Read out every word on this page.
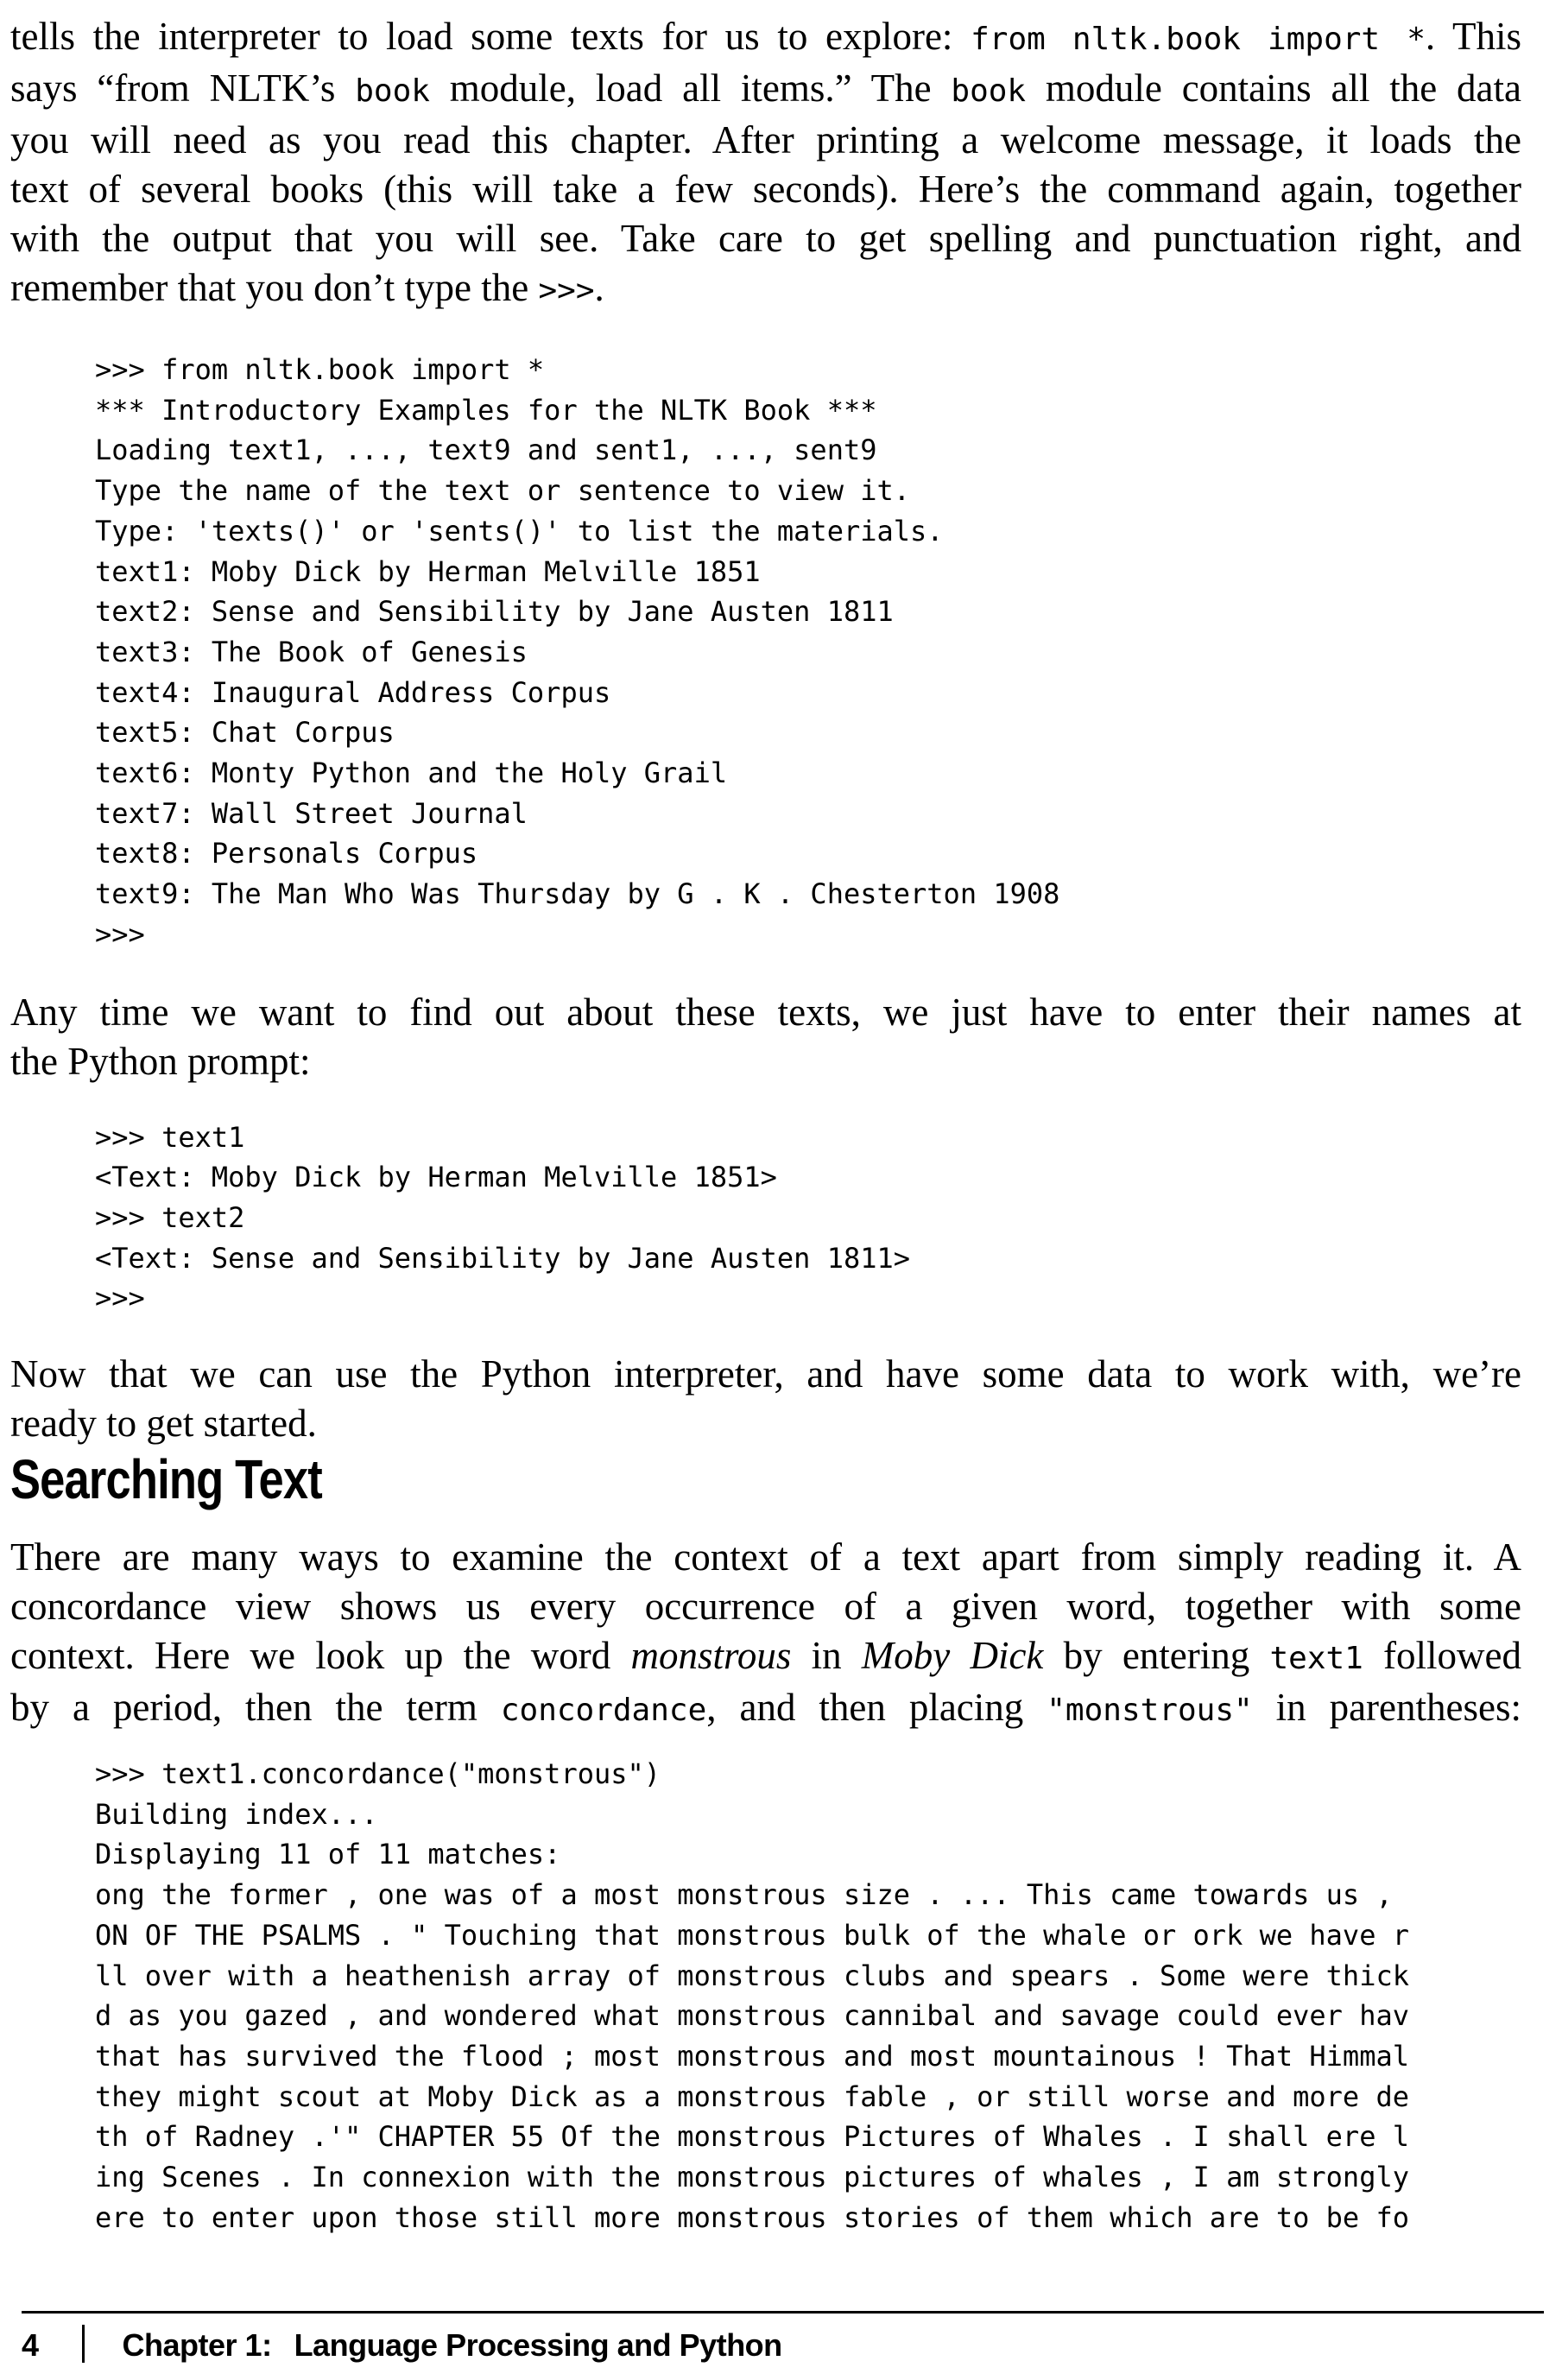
tells the interpreter to load some texts for us to explore: from nltk.book import *. This
says “from NLTK’s book module, load all items.” The book module contains all the data
you will need as you read this chapter. After printing a welcome message, it loads the
text of several books (this will take a few seconds). Here’s the command again, together
with the output that you will see. Take care to get spelling and punctuation right, and
remember that you don’t type the >>>.
>>> from nltk.book import *
*** Introductory Examples for the NLTK Book ***
Loading text1, ..., text9 and sent1, ..., sent9
Type the name of the text or sentence to view it.
Type: 'texts()' or 'sents()' to list the materials.
text1: Moby Dick by Herman Melville 1851
text2: Sense and Sensibility by Jane Austen 1811
text3: The Book of Genesis
text4: Inaugural Address Corpus
text5: Chat Corpus
text6: Monty Python and the Holy Grail
text7: Wall Street Journal
text8: Personals Corpus
text9: The Man Who Was Thursday by G . K . Chesterton 1908
>>>
Any time we want to find out about these texts, we just have to enter their names at
the Python prompt:
>>> text1
<Text: Moby Dick by Herman Melville 1851>
>>> text2
<Text: Sense and Sensibility by Jane Austen 1811>
>>>
Now that we can use the Python interpreter, and have some data to work with, we’re
ready to get started.
Searching Text
There are many ways to examine the context of a text apart from simply reading it. A
concordance view shows us every occurrence of a given word, together with some
context. Here we look up the word monstrous in Moby Dick by entering text1 followed
by a period, then the term concordance, and then placing "monstrous" in parentheses:
>>> text1.concordance("monstrous")
Building index...
Displaying 11 of 11 matches:
ong the former , one was of a most monstrous size . ... This came towards us ,
ON OF THE PSALMS . " Touching that monstrous bulk of the whale or ork we have r
ll over with a heathenish array of monstrous clubs and spears . Some were thick
d as you gazed , and wondered what monstrous cannibal and savage could ever hav
that has survived the flood ; most monstrous and most mountainous ! That Himmal
they might scout at Moby Dick as a monstrous fable , or still worse and more de
th of Radney .'" CHAPTER 55 Of the monstrous Pictures of Whales . I shall ere l
ing Scenes . In connexion with the monstrous pictures of whales , I am strongly
ere to enter upon those still more monstrous stories of them which are to be fo
4	Chapter 1: Language Processing and Python
